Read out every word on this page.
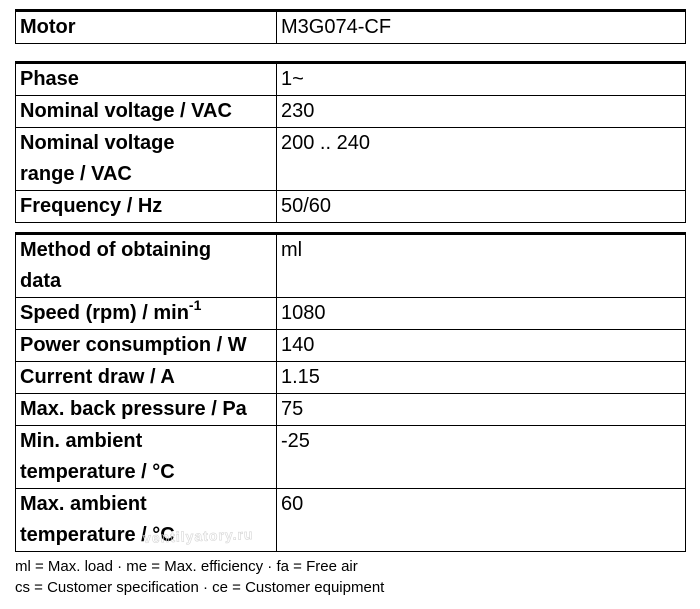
Motor	M3G074-CF
Phase	1~
Nominal voltage / VAC	230
Nominal voltage
range / VAC	200 .. 240
Frequency / Hz	50/60
Method of obtaining
data	ml
Speed $(rpm) / \min^{-1}$	1080
Power consumption / W	140
Current draw / A	1.15
Max. back pressure / Pa	75
Min. ambient
temperature / °C	-25
Max. ambient
temperature / °C	60
ventilyatory.ru
ml = Max. load · me = Max. efficiency · fa = Free air
cs = Customer specification · ce = Customer equipment
